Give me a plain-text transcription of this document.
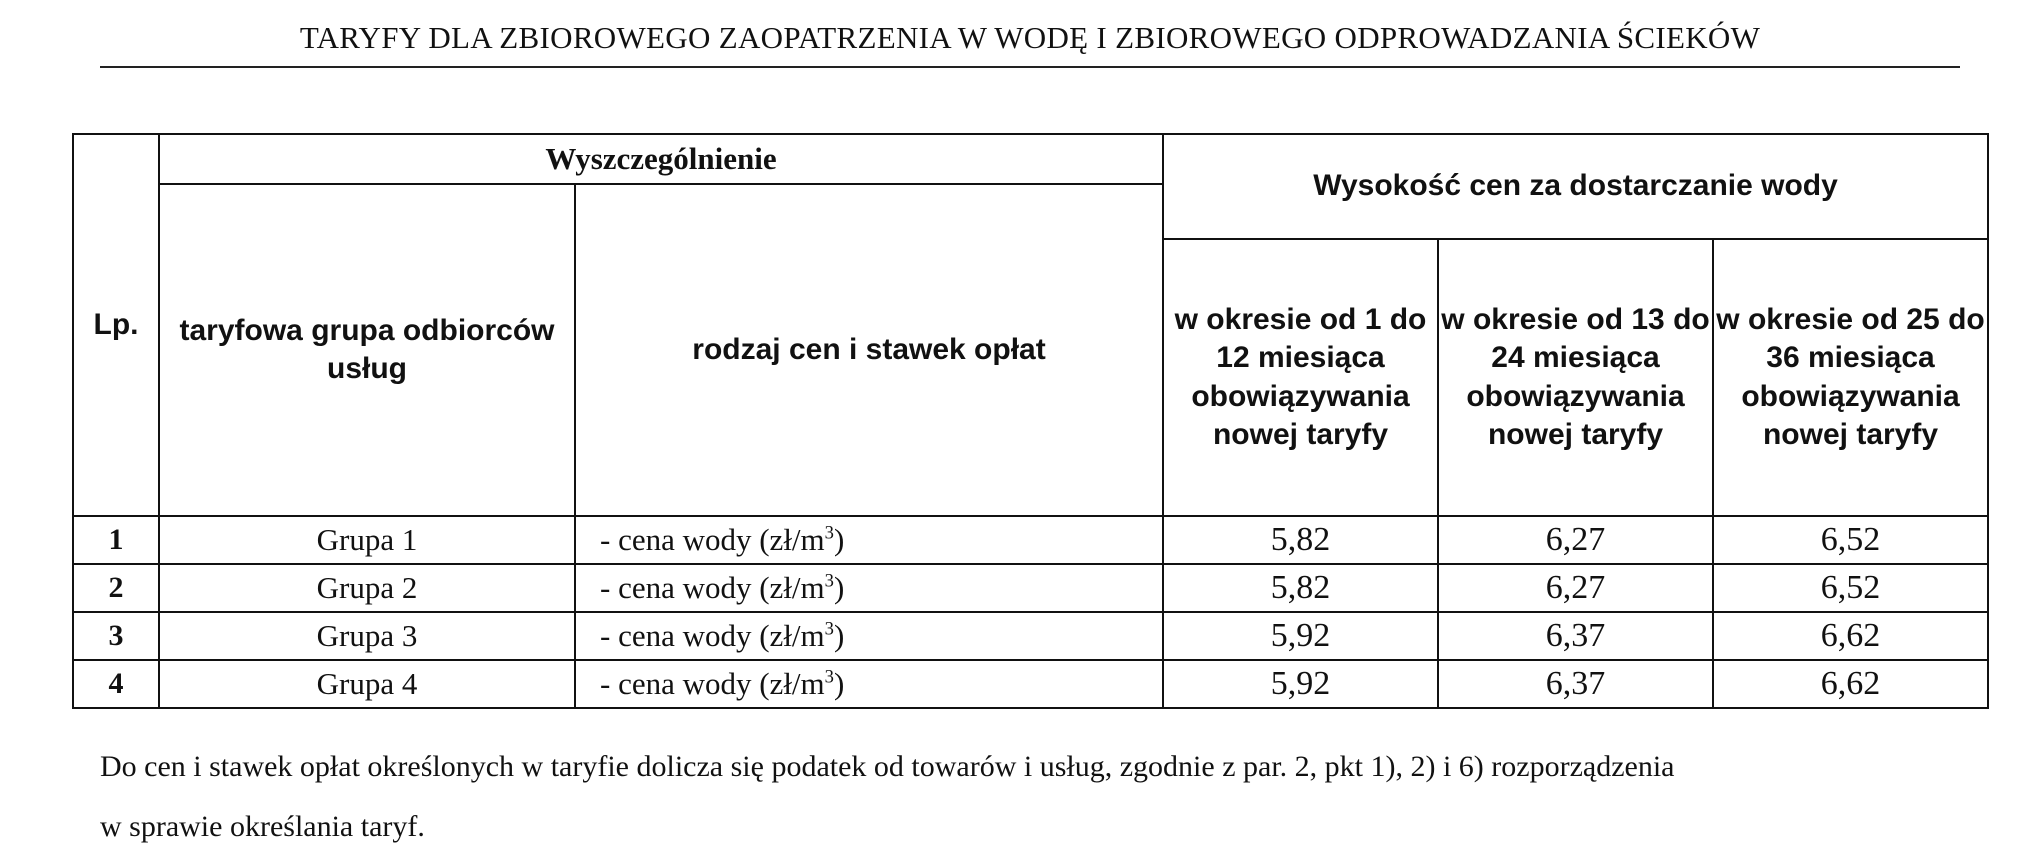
TARYFY DLA ZBIOROWEGO ZAOPATRZENIA W WODĘ I ZBIOROWEGO ODPROWADZANIA ŚCIEKÓW
Lp.	Wyszczególnienie		Wysokość cen za dostarczanie wody		
	taryfowa grupa odbiorców usług	rodzaj cen i stawek opłat			
			w okresie od 1 do 12 miesiąca obowiązywania nowej taryfy	w okresie od 13 do 24 miesiąca obowiązywania nowej taryfy	w okresie od 25 do 36 miesiąca obowiązywania nowej taryfy
1	Grupa 1	- cena wody $(zł/m^3)$	5,82	6,27	6,52
2	Grupa 2	- cena wody $(zł/m^3)$	5,82	6,27	6,52
3	Grupa 3	- cena wody $(zł/m^3)$	5,92	6,37	6,62
4	Grupa 4	- cena wody $(zł/m^3)$	5,92	6,37	6,62
Do cen i stawek opłat określonych w taryfie dolicza się podatek od towarów i usług, zgodnie z par. 2, pkt 1), 2) i 6) rozporządzenia
w sprawie określania taryf.
